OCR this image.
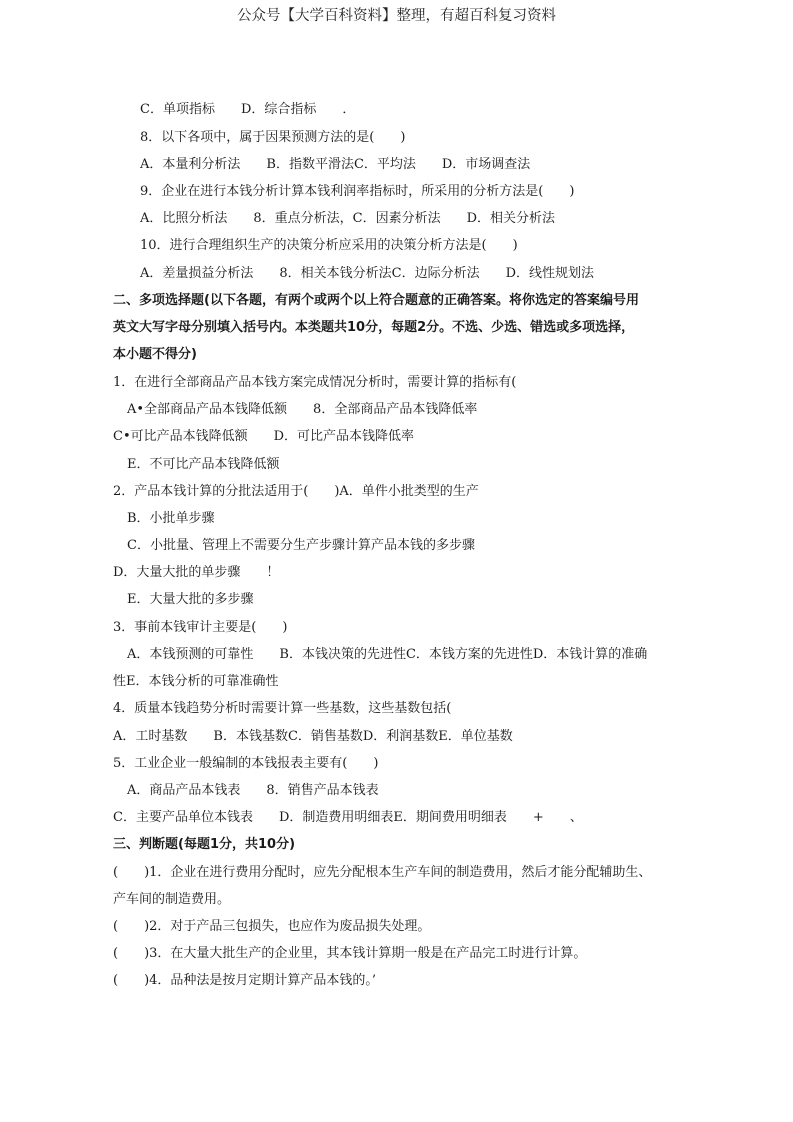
公众号【大学百科资料】整理，有超百科复习资料
C．单项指标　　D．综合指标　　．
8．以下各项中，属于因果预测方法的是(　　)
A．本量利分析法　　B．指数平滑法C．平均法　　D．市场调查法
9．企业在进行本钱分析计算本钱利润率指标时，所采用的分析方法是(　　)
A．比照分析法　　8．重点分析法，C．因素分析法　　D．相关分析法
10．进行合理组织生产的决策分析应采用的决策分析方法是(　　)
A．差量损益分析法　　8．相关本钱分析法C．边际分析法　　D．线性规划法
二、多项选择题(以下各题，有两个或两个以上符合题意的正确答案。将你选定的答案编号用
英文大写字母分别填入括号内。本类题共10分，每题2分。不选、少选、错选或多项选择，
本小题不得分)
1．在进行全部商品产品本钱方案完成情况分析时，需要计算的指标有(
A•全部商品产品本钱降低额　　8．全部商品产品本钱降低率
C•可比产品本钱降低额　　D．可比产品本钱降低率
E．不可比产品本钱降低额
2．产品本钱计算的分批法适用于(　　)A．单件小批类型的生产
B．小批单步骤
C．小批量、管理上不需要分生产步骤计算产品本钱的多步骤
D．大量大批的单步骤　　！
E．大量大批的多步骤
3．事前本钱审计主要是(　　)
A．本钱预测的可靠性　　B．本钱决策的先进性C．本钱方案的先进性D．本钱计算的准确
性E．本钱分析的可靠准确性
4．质量本钱趋势分析时需要计算一些基数，这些基数包括(
A．工时基数　　B．本钱基数C．销售基数D．利润基数E．单位基数
5．工业企业一般编制的本钱报表主要有(　　)
A．商品产品本钱表　　8．销售产品本钱表
C．主要产品单位本钱表　　D．制造费用明细表E．期间费用明细表　　+　　、
三、判断题(每题1分，共10分)
(　　)1．企业在进行费用分配时，应先分配根本生产车间的制造费用，然后才能分配辅助生、
产车间的制造费用。
(　　)2．对于产品三包损失，也应作为废品损失处理。
(　　)3．在大量大批生产的企业里，其本钱计算期一般是在产品完工时进行计算。
(　　)4．品种法是按月定期计算产品本钱的。’
